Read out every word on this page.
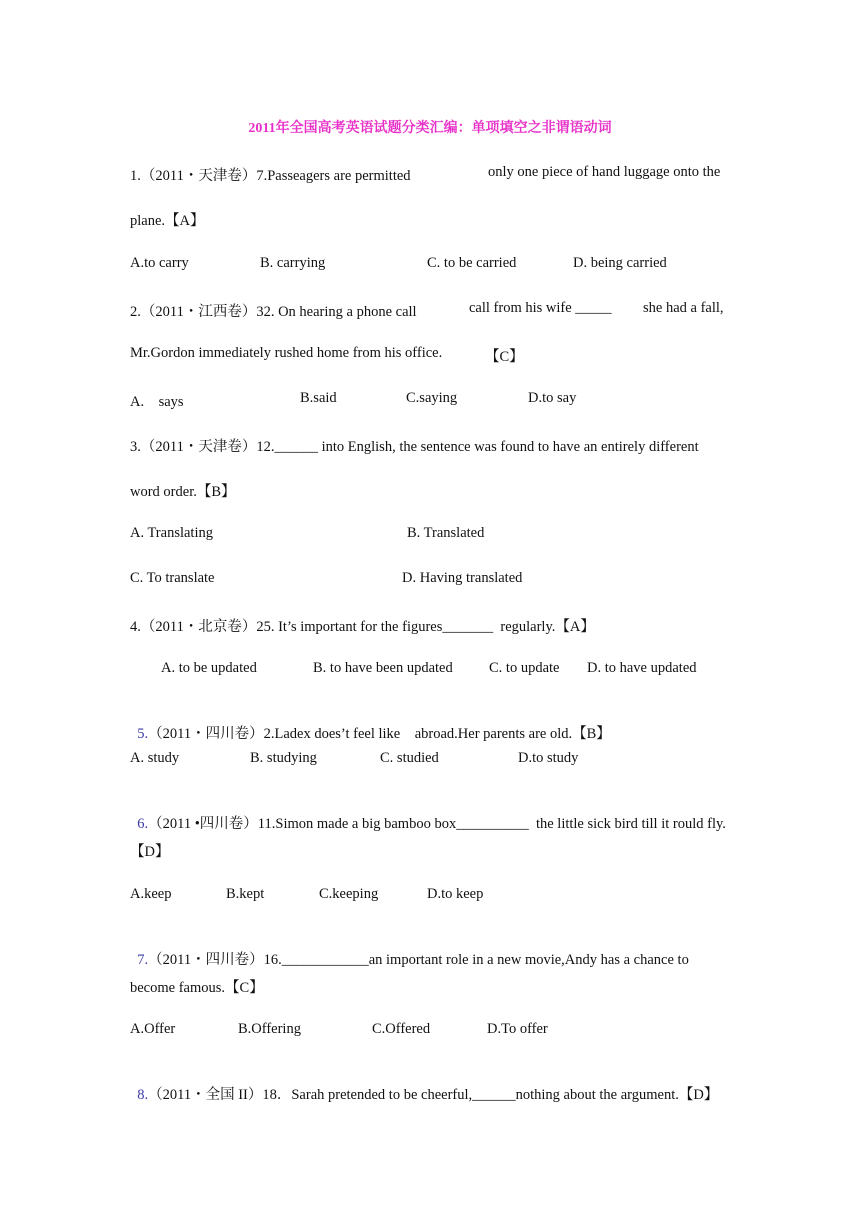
2011年全国高考英语试题分类汇编：单项填空之非谓语动词
1.（2011・天津卷）7.Passeagers are permitted	only one piece of hand luggage onto the
plane.【A】
A.to carry	B. carrying	C. to be carried	D. being carried
2.（2011・江西卷）32. On hearing a phone call	call from his wife _____ she had a fall,
Mr.Gordon immediately rushed home from his office.	【C】
A.　says	B.said	C.saying	D.to say
3.（2011・天津卷）12.______ into English, the sentence was found to have an entirely different
word order.【B】
A. Translating	B. Translated
C. To translate	D. Having translated
4.（2011・北京卷）25. It’s important for the figures_______  regularly.【A】
A. to be updated	B. to have been updated	C. to update D. to have updated

5.（2011・四川卷）2.Ladex does’t feel like　abroad.Her parents are old.【B】

A. study	B. studying	C. studied	D.to study

6.（2011 •四川卷）11.Simon made a big bamboo box__________  the little sick bird till it rould fly.

【D】
A.keep	B.kept	C.keeping	D.to keep

7.（2011・四川卷）16.____________an important role in a new movie,Andy has a chance to

become famous.【C】
A.Offer	B.Offering	C.Offered	D.To offer

8.（2011・全国 II）18．Sarah pretended to be cheerful,______nothing about the argument.【D】
